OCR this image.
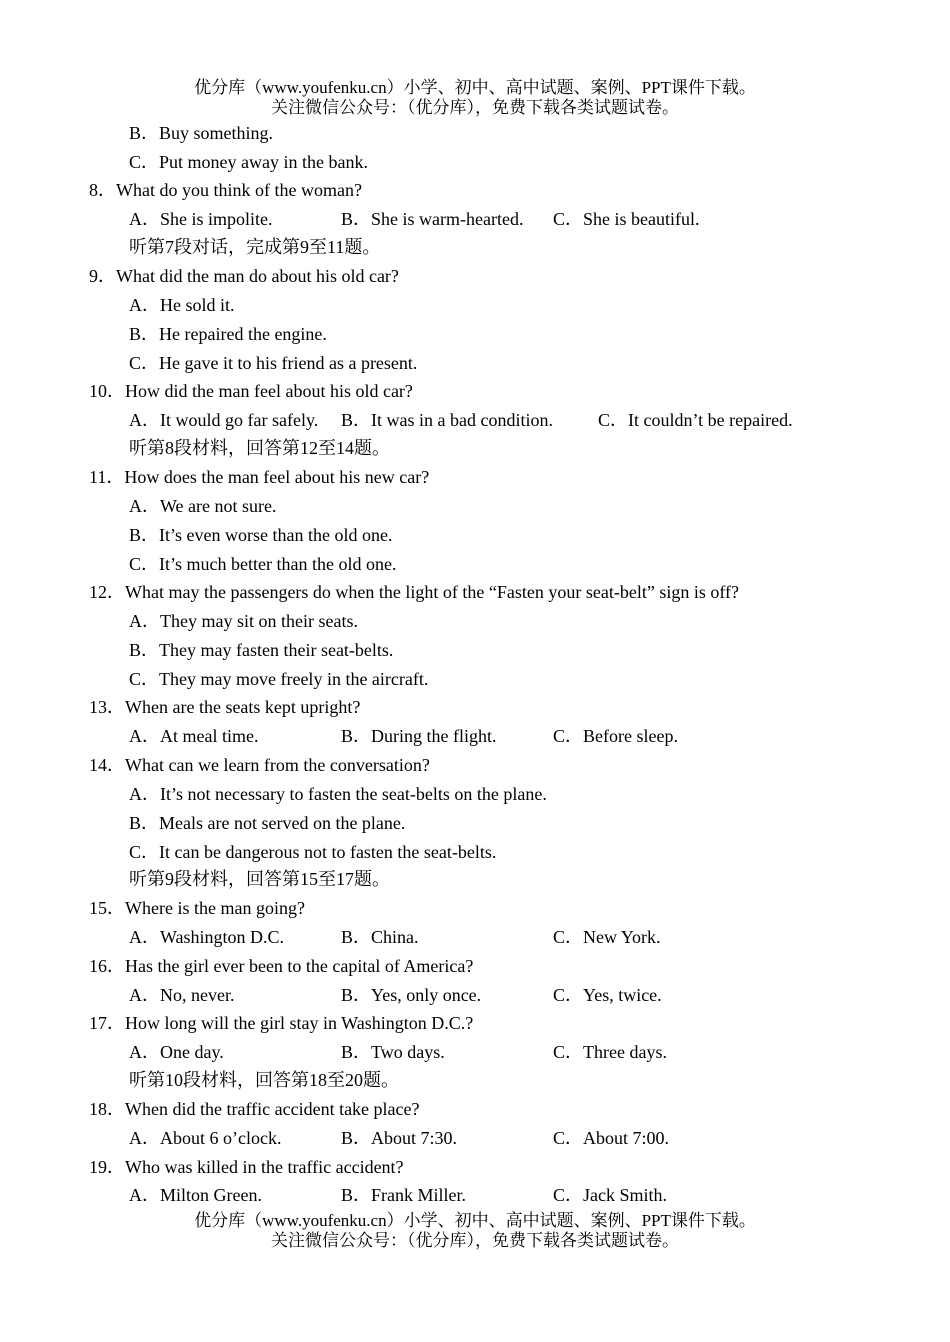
优分库（www.youfenku.cn）小学、初中、高中试题、案例、PPT课件下载。
关注微信公众号：（优分库），免费下载各类试题试卷。
B．Buy something.
C．Put money away in the bank.
8．What do you think of the woman?
A．She is impolite.	B．She is warm-hearted. C．She is beautiful.
听第7段对话，完成第9至11题。
9．What did the man do about his old car?
A．He sold it.
B．He repaired the engine.
C．He gave it to his friend as a present.
10．How did the man feel about his old car?
A．It would go far safely. B．It was in a bad condition.	C．It couldn’t be repaired.
听第8段材料，回答第12至14题。
11．How does the man feel about his new car?
A．We are not sure.
B．It’s even worse than the old one.
C．It’s much better than the old one.
12．What may the passengers do when the light of the “Fasten your seat-belt” sign is off?
A．They may sit on their seats.
B．They may fasten their seat-belts.
C．They may move freely in the aircraft.
13．When are the seats kept upright?
A．At meal time.	B．During the flight.	C．Before sleep.
14．What can we learn from the conversation?
A．It’s not necessary to fasten the seat-belts on the plane.
B．Meals are not served on the plane.
C．It can be dangerous not to fasten the seat-belts.
听第9段材料，回答第15至17题。
15．Where is the man going?
A．Washington D.C.	B．China.	C．New York.
16．Has the girl ever been to the capital of America?
A．No, never.	B．Yes, only once.	C．Yes, twice.
17．How long will the girl stay in Washington D.C.?
A．One day.	B．Two days.	C．Three days.
听第10段材料，回答第18至20题。
18．When did the traffic accident take place?
A．About 6 o’clock.	B．About 7:30.	C．About 7:00.
19．Who was killed in the traffic accident?
A．Milton Green.	B．Frank Miller.	C．Jack Smith.
优分库（www.youfenku.cn）小学、初中、高中试题、案例、PPT课件下载。
关注微信公众号：（优分库），免费下载各类试题试卷。
